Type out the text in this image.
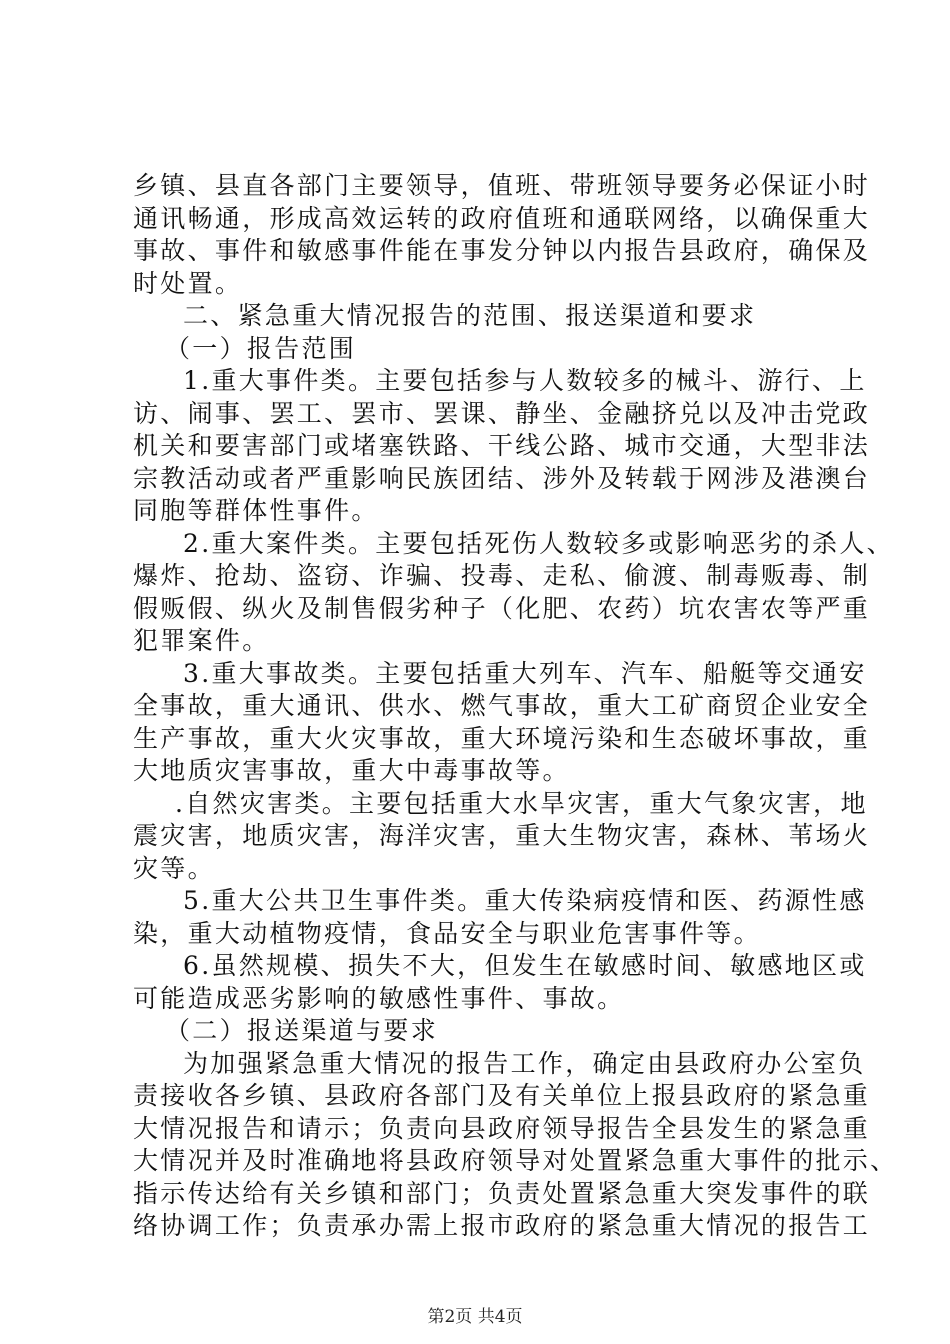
乡镇、县直各部门主要领导，值班、带班领导要务必保证小时
通讯畅通，形成高效运转的政府值班和通联网络，以确保重大
事故、事件和敏感事件能在事发分钟以内报告县政府，确保及
时处置。
二、紧急重大情况报告的范围、报送渠道和要求
（一）报告范围
1.重大事件类。主要包括参与人数较多的械斗、游行、上
访、闹事、罢工、罢市、罢课、静坐、金融挤兑以及冲击党政
机关和要害部门或堵塞铁路、干线公路、城市交通，大型非法
宗教活动或者严重影响民族团结、涉外及转载于网涉及港澳台
同胞等群体性事件。
2.重大案件类。主要包括死伤人数较多或影响恶劣的杀人、
爆炸、抢劫、盗窃、诈骗、投毒、走私、偷渡、制毒贩毒、制
假贩假、纵火及制售假劣种子（化肥、农药）坑农害农等严重
犯罪案件。
3.重大事故类。主要包括重大列车、汽车、船艇等交通安
全事故，重大通讯、供水、燃气事故，重大工矿商贸企业安全
生产事故，重大火灾事故，重大环境污染和生态破坏事故，重
大地质灾害事故，重大中毒事故等。
.自然灾害类。主要包括重大水旱灾害，重大气象灾害，地
震灾害，地质灾害，海洋灾害，重大生物灾害，森林、苇场火
灾等。
5.重大公共卫生事件类。重大传染病疫情和医、药源性感
染，重大动植物疫情，食品安全与职业危害事件等。
6.虽然规模、损失不大，但发生在敏感时间、敏感地区或
可能造成恶劣影响的敏感性事件、事故。
（二）报送渠道与要求
为加强紧急重大情况的报告工作，确定由县政府办公室负
责接收各乡镇、县政府各部门及有关单位上报县政府的紧急重
大情况报告和请示；负责向县政府领导报告全县发生的紧急重
大情况并及时准确地将县政府领导对处置紧急重大事件的批示、
指示传达给有关乡镇和部门；负责处置紧急重大突发事件的联
络协调工作；负责承办需上报市政府的紧急重大情况的报告工
第2页 共4页
